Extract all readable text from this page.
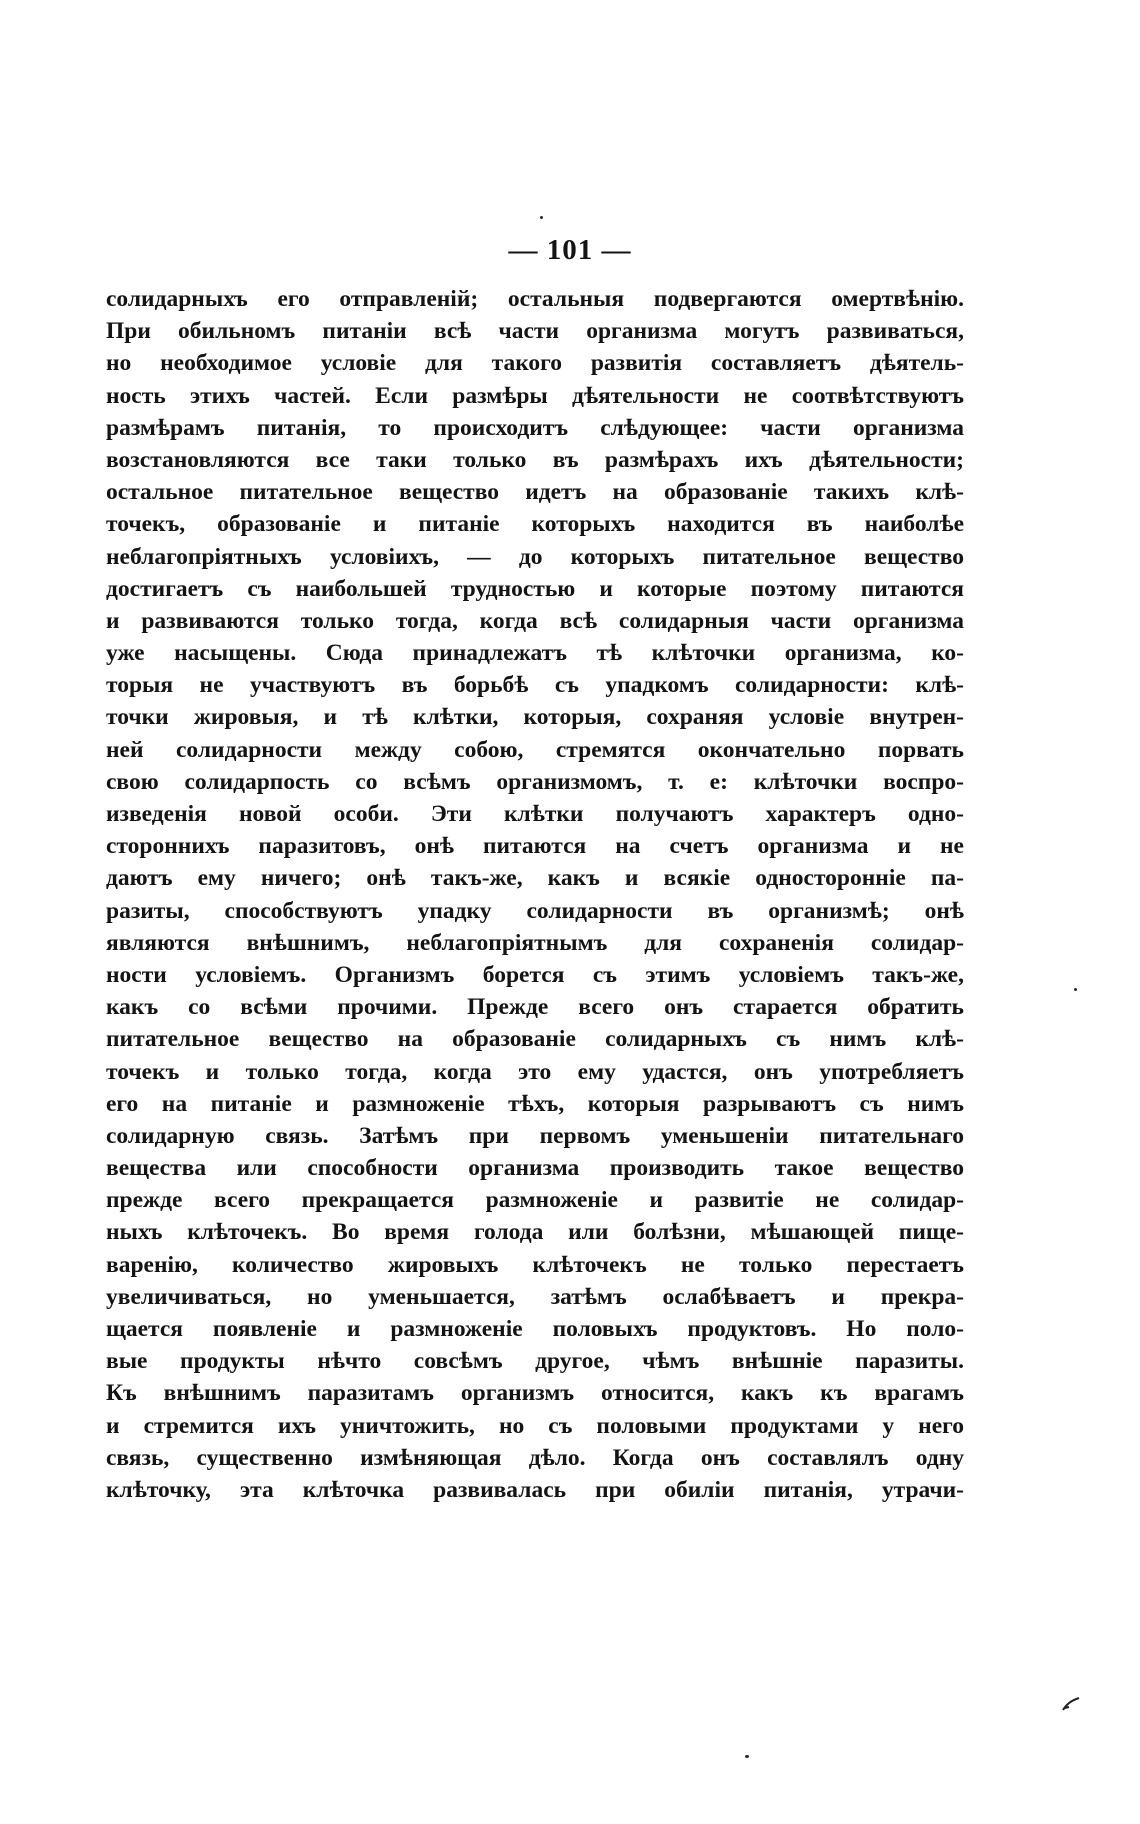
— 101 —
солидарныхъ его отправленій; остальныя подвергаются омертвѣнію.
При обильномъ питаніи всѣ части организма могутъ развиваться,
но необходимое условіе для такого развитія составляетъ дѣятель-
ность этихъ частей. Если размѣры дѣятельности не соотвѣтствуютъ
размѣрамъ питанія, то происходитъ слѣдующее: части организма
возстановляются все таки только въ размѣрахъ ихъ дѣятельности;
остальное питательное вещество идетъ на образованіе такихъ клѣ-
точекъ, образованіе и питаніе которыхъ находится въ наиболѣе
неблагопріятныхъ условіихъ, — до которыхъ питательное вещество
достигаетъ съ наибольшей трудностью и которые поэтому питаются
и развиваются только тогда, когда всѣ солидарныя части организма
уже насыщены. Сюда принадлежатъ тѣ клѣточки организма, ко-
торыя не участвуютъ въ борьбѣ съ упадкомъ солидарности: клѣ-
точки жировыя, и тѣ клѣтки, которыя, сохраняя условіе внутрен-
ней солидарности между собою, стремятся окончательно порвать
свою солидарпость со всѣмъ организмомъ, т. е: клѣточки воспро-
изведенія новой особи. Эти клѣтки получаютъ характеръ одно-
стороннихъ паразитовъ, онѣ питаются на счетъ организма и не
даютъ ему ничего; онѣ такъ-же, какъ и всякіе односторонніе па-
разиты, способствуютъ упадку солидарности въ организмѣ; онѣ
являются внѣшнимъ, неблагопріятнымъ для сохраненія солидар-
ности условіемъ. Организмъ борется съ этимъ условіемъ такъ-же,
какъ со всѣми прочими. Прежде всего онъ старается обратить
питательное вещество на образованіе солидарныхъ съ нимъ клѣ-
точекъ и только тогда, когда это ему удастся, онъ употребляетъ
его на питаніе и размноженіе тѣхъ, которыя разрываютъ съ нимъ
солидарную связь. Затѣмъ при первомъ уменьшеніи питательнаго
вещества или способности организма производить такое вещество
прежде всего прекращается размноженіе и развитіе не солидар-
ныхъ клѣточекъ. Во время голода или болѣзни, мѣшающей пище-
варенію, количество жировыхъ клѣточекъ не только перестаетъ
увеличиваться, но уменьшается, затѣмъ ослабѣваетъ и прекра-
щается появленіе и размноженіе половыхъ продуктовъ. Но поло-
вые продукты нѣчто совсѣмъ другое, чѣмъ внѣшніе паразиты.
Къ внѣшнимъ паразитамъ организмъ относится, какъ къ врагамъ
и стремится ихъ уничтожить, но съ половыми продуктами у него
связь, существенно измѣняющая дѣло. Когда онъ составлялъ одну
клѣточку, эта клѣточка развивалась при обиліи питанія, утрачи-
